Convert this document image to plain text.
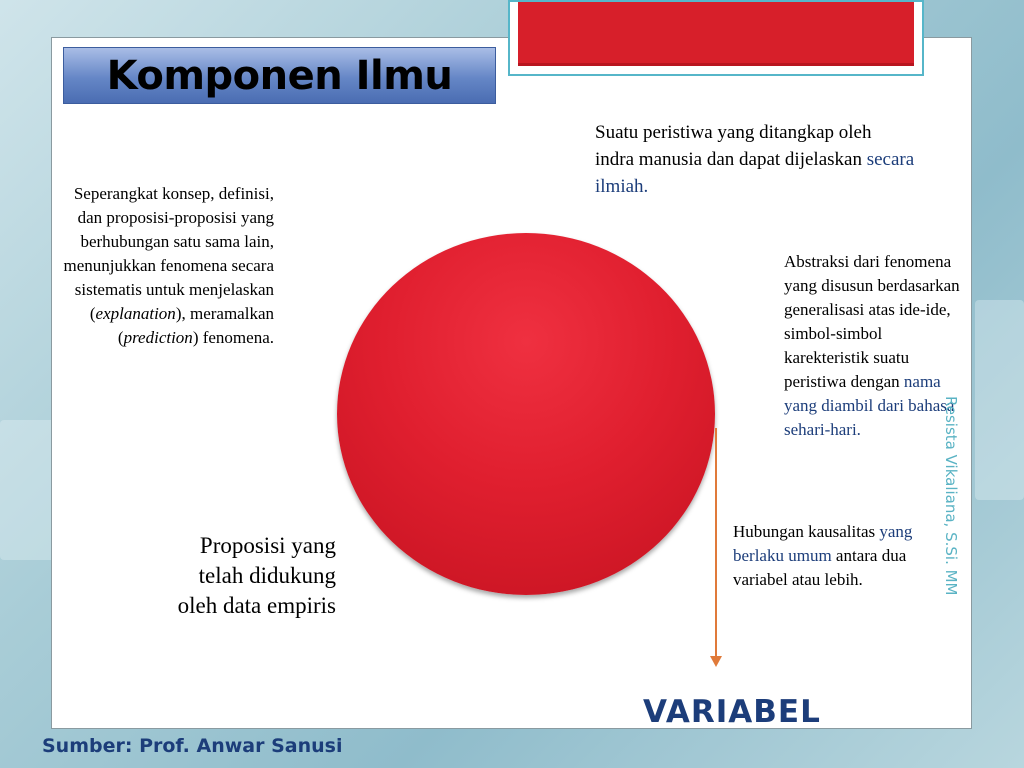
Komponen Ilmu
Seperangkat konsep, definisi, dan proposisi-proposisi yang berhubungan satu sama lain, menunjukkan fenomena secara sistematis untuk menjelaskan (explanation), meramalkan (prediction) fenomena.
Suatu peristiwa yang ditangkap oleh indra manusia dan dapat dijelaskan secara ilmiah.
Abstraksi dari fenomena yang disusun berdasarkan generalisasi atas ide-ide, simbol-simbol karekteristik suatu peristiwa dengan nama yang diambil dari bahasa sehari-hari.
Proposisi yang telah didukung oleh data empiris
Hubungan kausalitas yang berlaku umum antara dua variabel atau lebih.
VARIABEL
Sumber: Prof. Anwar Sanusi
Resista Vikaliana, S.Si. MM
